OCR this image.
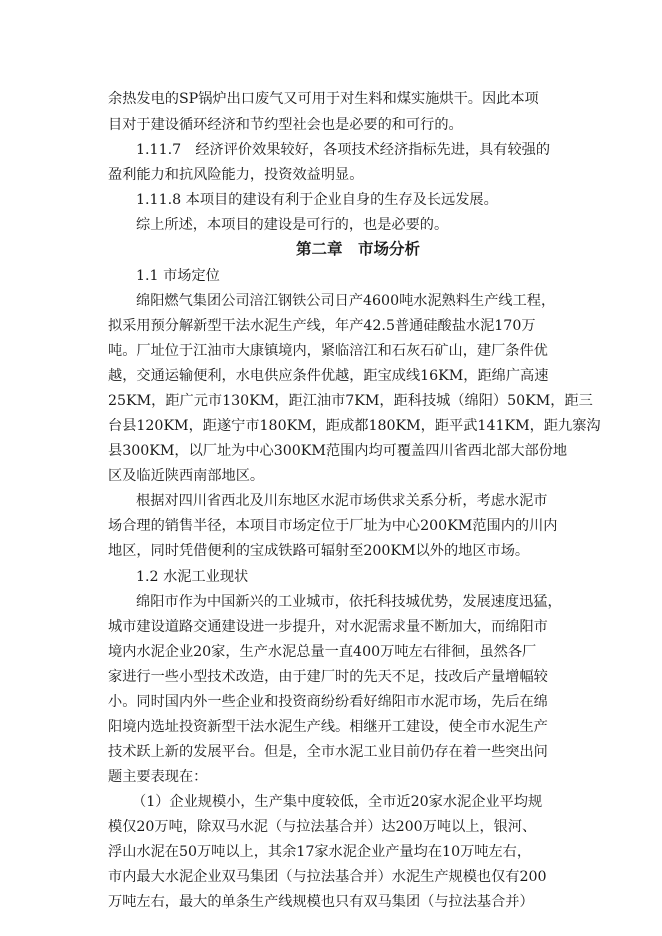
余热发电的SP锅炉出口废气又可用于对生料和煤实施烘干。因此本项

目对于建设循环经济和节约型社会也是必要的和可行的。

1.11.7　经济评价效果较好，各项技术经济指标先进，具有较强的

盈利能力和抗风险能力，投资效益明显。

1.11.8 本项目的建设有利于企业自身的生存及长远发展。

综上所述，本项目的建设是可行的，也是必要的。

第二章　市场分析

1.1 市场定位

绵阳燃气集团公司涪江钢铁公司日产4600吨水泥熟料生产线工程，

拟采用预分解新型干法水泥生产线，年产42.5普通硅酸盐水泥170万

吨。厂址位于江油市大康镇境内，紧临涪江和石灰石矿山，建厂条件优

越，交通运输便利，水电供应条件优越，距宝成线16KM，距绵广高速

25KM，距广元市130KM，距江油市7KM，距科技城（绵阳）50KM，距三

台县120KM，距遂宁市180KM，距成都180KM，距平武141KM，距九寨沟

县300KM，以厂址为中心300KM范围内均可覆盖四川省西北部大部份地

区及临近陕西南部地区。

根据对四川省西北及川东地区水泥市场供求关系分析，考虑水泥市

场合理的销售半径，本项目市场定位于厂址为中心200KM范围内的川内

地区，同时凭借便利的宝成铁路可辐射至200KM以外的地区市场。

1.2 水泥工业现状

绵阳市作为中国新兴的工业城市，依托科技城优势，发展速度迅猛，

城市建设道路交通建设进一步提升，对水泥需求量不断加大，而绵阳市

境内水泥企业20家，生产水泥总量一直400万吨左右徘徊，虽然各厂

家进行一些小型技术改造，由于建厂时的先天不足，技改后产量增幅较

小。同时国内外一些企业和投资商纷纷看好绵阳市水泥市场，先后在绵

阳境内选址投资新型干法水泥生产线。相继开工建设，使全市水泥生产

技术跃上新的发展平台。但是，全市水泥工业目前仍存在着一些突出问

题主要表现在：

（1）企业规模小，生产集中度较低，全市近20家水泥企业平均规

模仅20万吨，除双马水泥（与拉法基合并）达200万吨以上，银河、

浮山水泥在50万吨以上，其余17家水泥企业产量均在10万吨左右，

市内最大水泥企业双马集团（与拉法基合并）水泥生产规模也仅有200

万吨左右，最大的单条生产线规模也只有双马集团（与拉法基合并）
